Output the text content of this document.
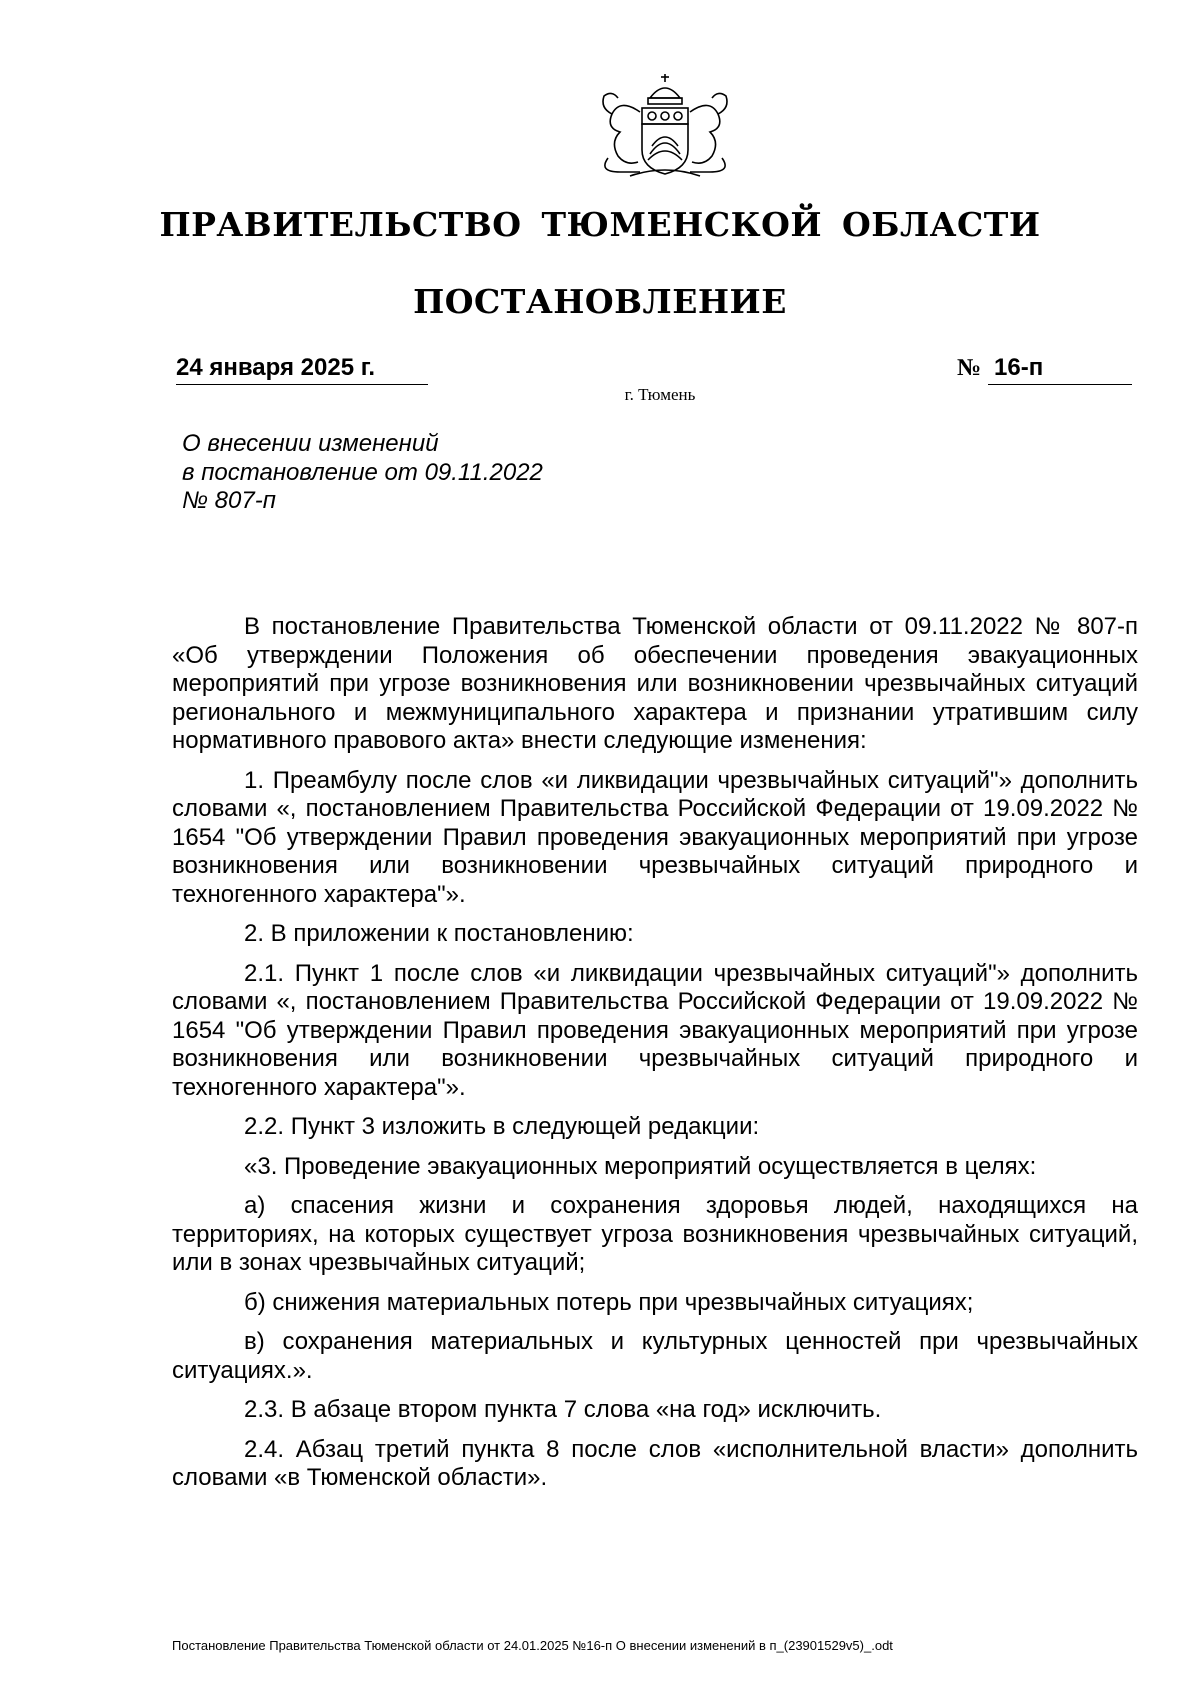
ПРАВИТЕЛЬСТВО ТЮМЕНСКОЙ ОБЛАСТИ
ПОСТАНОВЛЕНИЕ
24 января 2025 г.	№ 16-п
г. Тюмень
О внесении изменений
в постановление от 09.11.2022
№ 807-п

В постановление Правительства Тюменской области от 09.11.2022 № 807-п «Об утверждении Положения об обеспечении проведения эвакуационных мероприятий при угрозе возникновения или возникновении чрезвычайных ситуаций регионального и межмуниципального характера и признании утратившим силу нормативного правового акта» внести следующие изменения:

1. Преамбулу после слов «и ликвидации чрезвычайных ситуаций"» дополнить словами «, постановлением Правительства Российской Федерации от 19.09.2022 № 1654 "Об утверждении Правил проведения эвакуационных мероприятий при угрозе возникновения или возникновении чрезвычайных ситуаций природного и техногенного характера"».

2. В приложении к постановлению:

2.1. Пункт 1 после слов «и ликвидации чрезвычайных ситуаций"» дополнить словами «, постановлением Правительства Российской Федерации от 19.09.2022 № 1654 "Об утверждении Правил проведения эвакуационных мероприятий при угрозе возникновения или возникновении чрезвычайных ситуаций природного и техногенного характера"».

2.2. Пункт 3 изложить в следующей редакции:

«3. Проведение эвакуационных мероприятий осуществляется в целях:

а) спасения жизни и сохранения здоровья людей, находящихся на территориях, на которых существует угроза возникновения чрезвычайных ситуаций, или в зонах чрезвычайных ситуаций;

б) снижения материальных потерь при чрезвычайных ситуациях;

в) сохранения материальных и культурных ценностей при чрезвычайных ситуациях.».

2.3. В абзаце втором пункта 7 слова «на год» исключить.

2.4. Абзац третий пункта 8 после слов «исполнительной власти» дополнить словами «в Тюменской области».

Постановление Правительства Тюменской области от 24.01.2025 №16-п О внесении изменений в п_(23901529v5)_.odt
